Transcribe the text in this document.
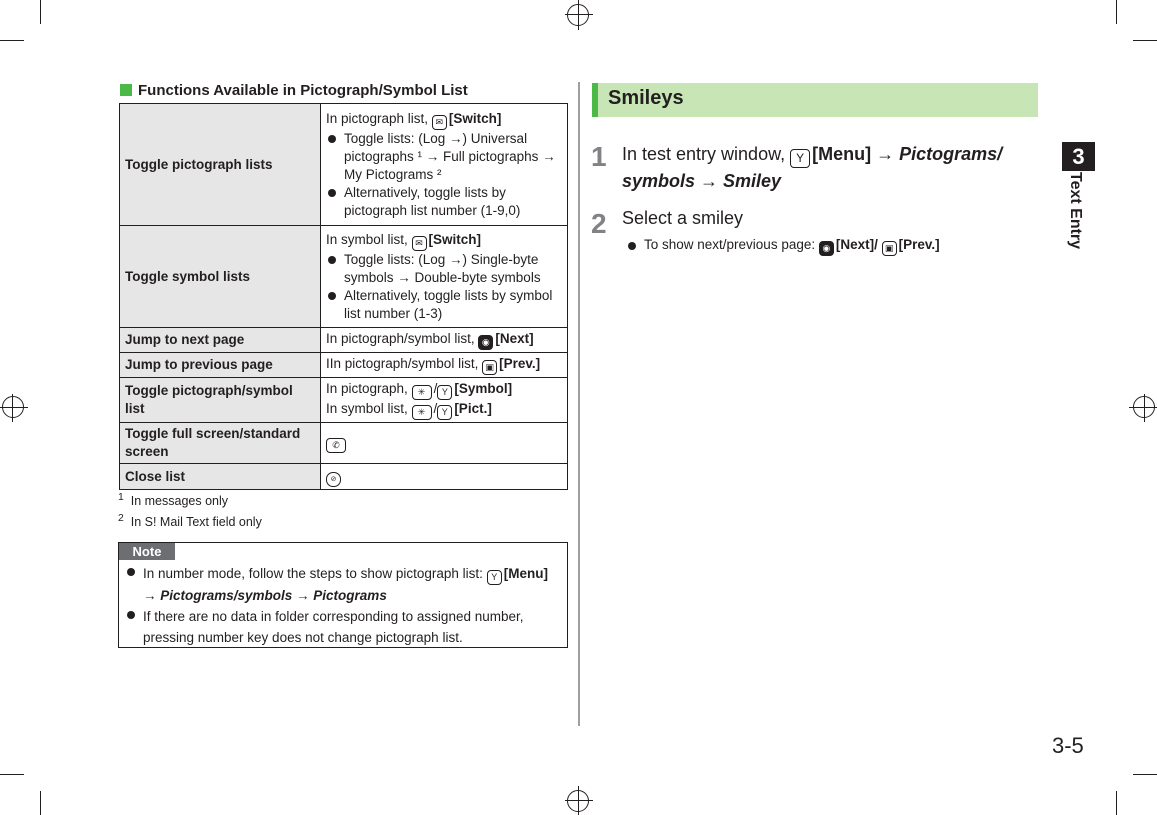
Functions Available in Pictograph/Symbol List
Toggle pictograph lists	In pictograph list, ✉ [Switch]
Toggle lists: (Log →) Universal pictographs ¹ → Full pictographs → My Pictograms ²
Alternatively, toggle lists by pictograph list number (1-9,0)

Toggle symbol lists	In symbol list, ✉ [Switch]
Toggle lists: (Log →) Single-byte symbols → Double-byte symbols
Alternatively, toggle lists by symbol list number (1-3)

Jump to next page	In pictograph/symbol list, ◉ [Next]
Jump to previous page	IIn pictograph/symbol list, ▣ [Prev.]
Toggle pictograph/symbol list	In pictograph, ✳ / Y [Symbol]
In symbol list, ✳ / Y [Pict.]

Toggle full screen/standard screen	✆
Close list	⊘
$^1$ In messages only
$^2$ In S! Mail Text field only
Note
In number mode, follow the steps to show pictograph list: Y [Menu]
→ Pictograms/symbols → Pictograms
If there are no data in folder corresponding to assigned number, pressing number key does not change pictograph list.
Smileys
1 In test entry window, Y [Menu] → Pictograms/ symbols → Smiley
2 Select a smiley
To show next/previous page: ◉ [Next]/ ▣ [Prev.]
3
Text Entry
3-5
